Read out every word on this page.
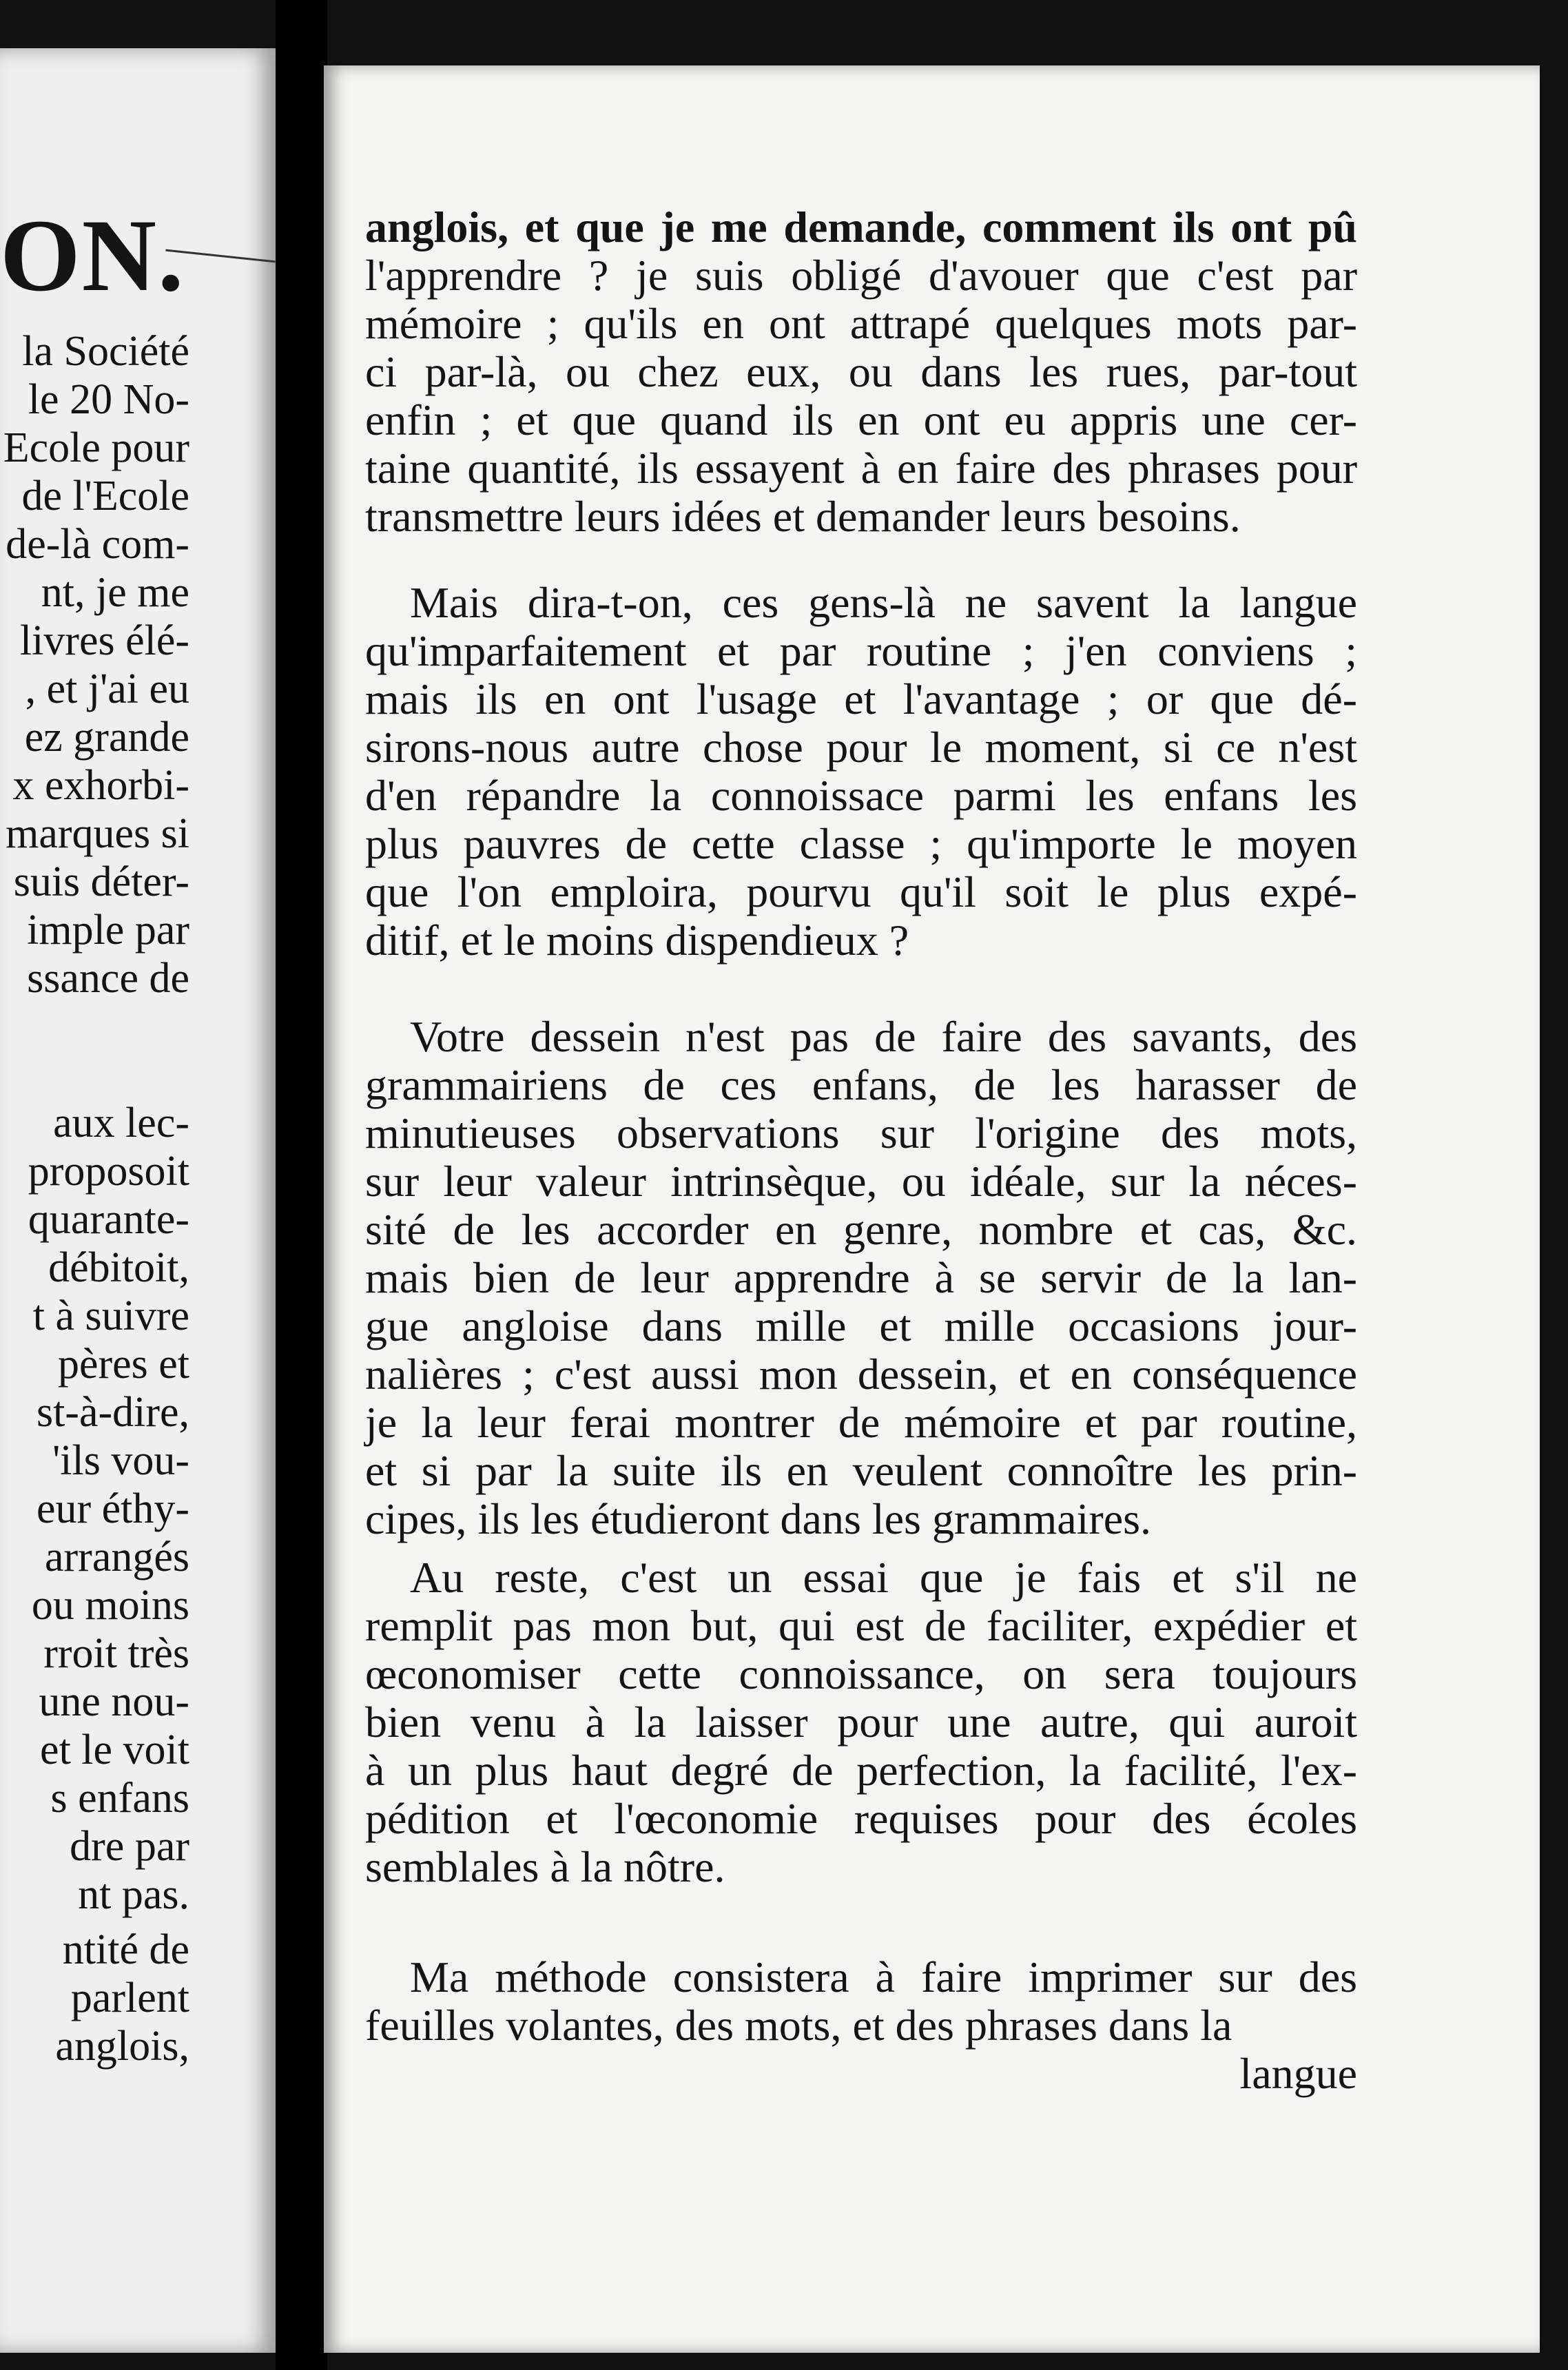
ON.
la Société
le 20 No-
Ecole pour
de l'Ecole
de-là com-
nt, je me
livres élé-
, et j'ai eu
ez grande
x exhorbi-
marques si
suis déter-
imple par
ssance de
aux lec-
proposoit
quarante-
débitoit,
t à suivre
pères et
st-à-dire,
'ils vou-
eur éthy-
arrangés
ou moins
rroit très
une nou-
et le voit
s enfans
dre par
nt pas.
ntité de
parlent
anglois,
anglois, et que je me demande, comment ils ont pû
l'apprendre ? je suis obligé d'avouer que c'est par
mémoire ; qu'ils en ont attrapé quelques mots par-
ci par-là, ou chez eux, ou dans les rues, par-tout
enfin ; et que quand ils en ont eu appris une cer-
taine quantité, ils essayent à en faire des phrases pour
transmettre leurs idées et demander leurs besoins.
Mais dira-t-on, ces gens-là ne savent la langue
qu'imparfaitement et par routine ; j'en conviens ;
mais ils en ont l'usage et l'avantage ; or que dé-
sirons-nous autre chose pour le moment, si ce n'est
d'en répandre la connoissace parmi les enfans les
plus pauvres de cette classe ; qu'importe le moyen
que l'on emploira, pourvu qu'il soit le plus expé-
ditif, et le moins dispendieux ?
Votre dessein n'est pas de faire des savants, des
grammairiens de ces enfans, de les harasser de
minutieuses observations sur l'origine des mots,
sur leur valeur intrinsèque, ou idéale, sur la néces-
sité de les accorder en genre, nombre et cas, &c.
mais bien de leur apprendre à se servir de la lan-
gue angloise dans mille et mille occasions jour-
nalières ; c'est aussi mon dessein, et en conséquence
je la leur ferai montrer de mémoire et par routine,
et si par la suite ils en veulent connoître les prin-
cipes, ils les étudieront dans les grammaires.
Au reste, c'est un essai que je fais et s'il ne
remplit pas mon but, qui est de faciliter, expédier et
œconomiser cette connoissance, on sera toujours
bien venu à la laisser pour une autre, qui auroit
à un plus haut degré de perfection, la facilité, l'ex-
pédition et l'œconomie requises pour des écoles
semblales à la nôtre.
Ma méthode consistera à faire imprimer sur des
feuilles volantes, des mots, et des phrases dans la
langue
